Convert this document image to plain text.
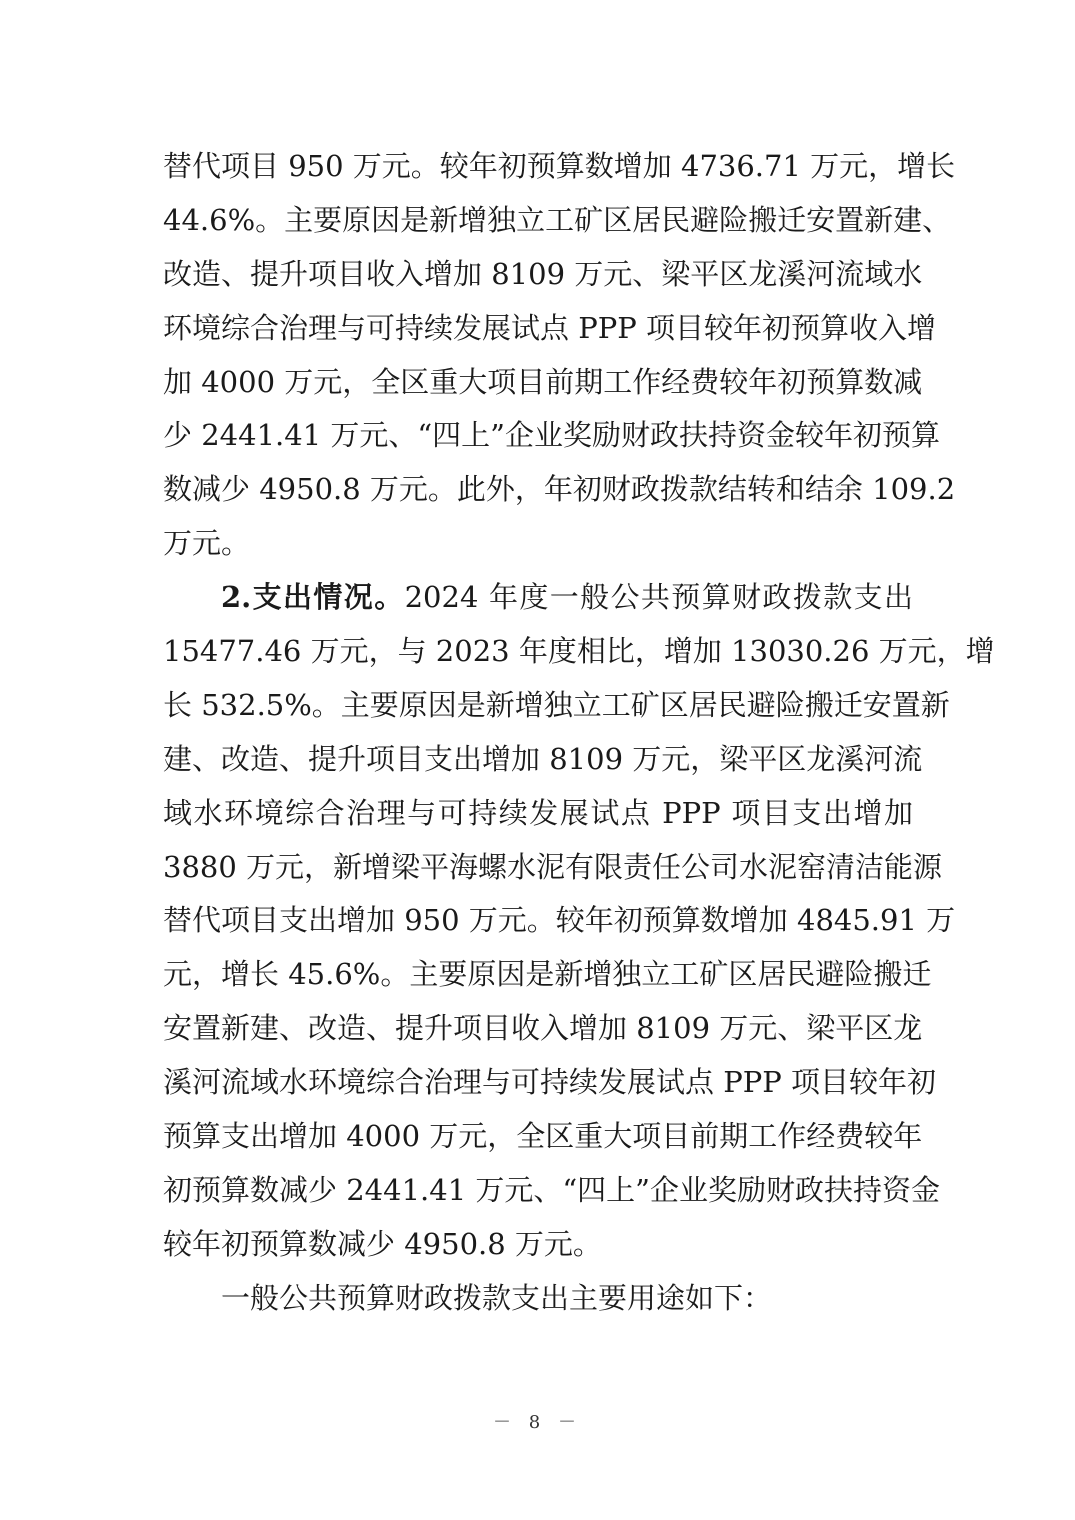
替代项目 950 万元。较年初预算数增加 4736.71 万元，增长
44.6%。主要原因是新增独立工矿区居民避险搬迁安置新建、
改造、提升项目收入增加 8109 万元、梁平区龙溪河流域水
环境综合治理与可持续发展试点 PPP 项目较年初预算收入增
加 4000 万元，全区重大项目前期工作经费较年初预算数减
少 2441.41 万元、“四上”企业奖励财政扶持资金较年初预算
数减少 4950.8 万元。此外，年初财政拨款结转和结余 109.2
万元。
2.支出情况。2024 年度一般公共预算财政拨款支出
15477.46 万元，与 2023 年度相比，增加 13030.26 万元，增
长 532.5%。主要原因是新增独立工矿区居民避险搬迁安置新
建、改造、提升项目支出增加 8109 万元，梁平区龙溪河流
域水环境综合治理与可持续发展试点 PPP 项目支出增加
3880 万元，新增梁平海螺水泥有限责任公司水泥窑清洁能源
替代项目支出增加 950 万元。较年初预算数增加 4845.91 万
元，增长 45.6%。主要原因是新增独立工矿区居民避险搬迁
安置新建、改造、提升项目收入增加 8109 万元、梁平区龙
溪河流域水环境综合治理与可持续发展试点 PPP 项目较年初
预算支出增加 4000 万元，全区重大项目前期工作经费较年
初预算数减少 2441.41 万元、“四上”企业奖励财政扶持资金
较年初预算数减少 4950.8 万元。
一般公共预算财政拨款支出主要用途如下：
－ 8 －
